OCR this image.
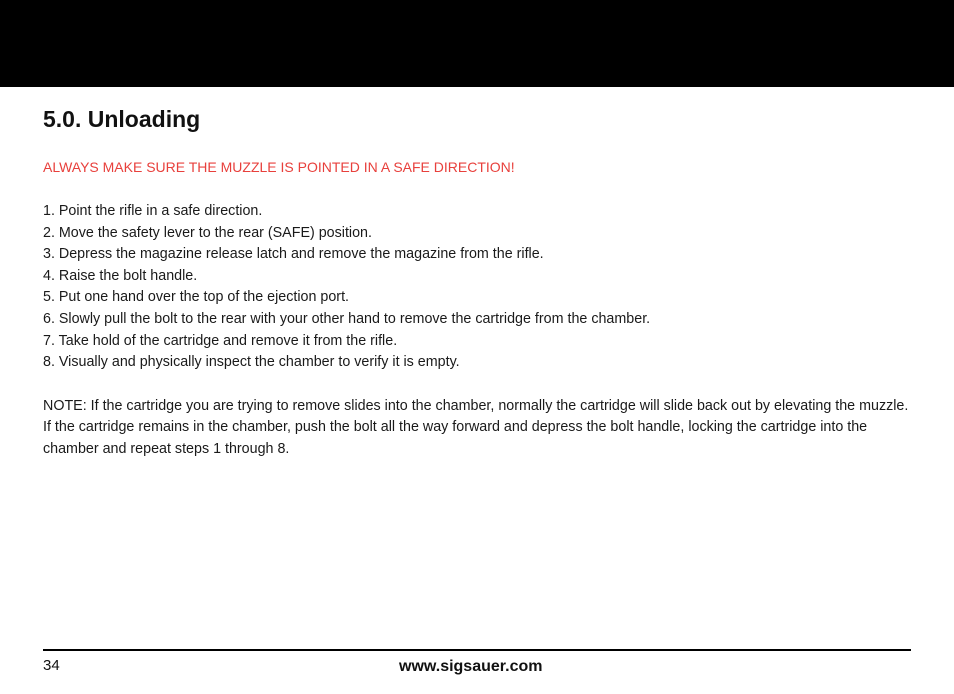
5.0. Unloading

ALWAYS MAKE SURE THE MUZZLE IS POINTED IN A SAFE DIRECTION!

1. Point the rifle in a safe direction.
2. Move the safety lever to the rear (SAFE) position.
3. Depress the magazine release latch and remove the magazine from the rifle.
4. Raise the bolt handle.
5. Put one hand over the top of the ejection port.
6. Slowly pull the bolt to the rear with your other hand to remove the cartridge from the chamber.
7. Take hold of the cartridge and remove it from the rifle.
8. Visually and physically inspect the chamber to verify it is empty.

NOTE: If the cartridge you are trying to remove slides into the chamber, normally the cartridge will slide back out by elevating the muzzle. If the cartridge remains in the chamber, push the bolt all the way forward and depress the bolt handle, locking the cartridge into the chamber and repeat steps 1 through 8.

34	www.sigsauer.com
